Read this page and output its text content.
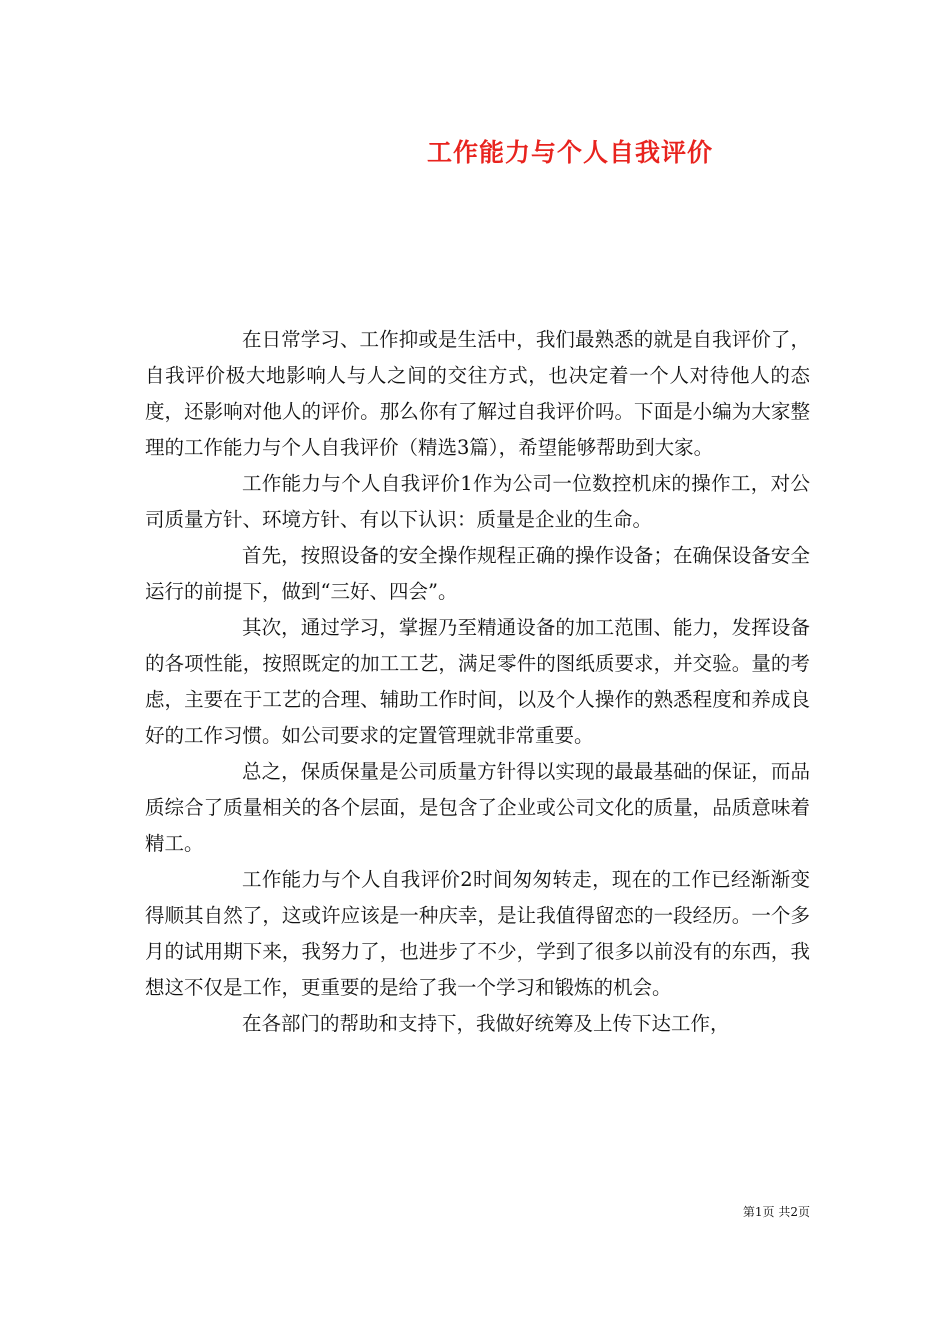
工作能力与个人自我评价

在日常学习、工作抑或是生活中，我们最熟悉的就是自我评价了，自我评价极大地影响人与人之间的交往方式，也决定着一个人对待他人的态度，还影响对他人的评价。那么你有了解过自我评价吗。下面是小编为大家整理的工作能力与个人自我评价（精选3篇），希望能够帮助到大家。

工作能力与个人自我评价1作为公司一位数控机床的操作工，对公司质量方针、环境方针、有以下认识：质量是企业的生命。

首先，按照设备的安全操作规程正确的操作设备；在确保设备安全运行的前提下，做到“三好、四会”。

其次，通过学习，掌握乃至精通设备的加工范围、能力，发挥设备的各项性能，按照既定的加工工艺，满足零件的图纸质要求，并交验。量的考虑，主要在于工艺的合理、辅助工作时间，以及个人操作的熟悉程度和养成良好的工作习惯。如公司要求的定置管理就非常重要。

总之，保质保量是公司质量方针得以实现的最最基础的保证，而品质综合了质量相关的各个层面，是包含了企业或公司文化的质量，品质意味着精工。

工作能力与个人自我评价2时间匆匆转走，现在的工作已经渐渐变得顺其自然了，这或许应该是一种庆幸，是让我值得留恋的一段经历。一个多月的试用期下来，我努力了，也进步了不少，学到了很多以前没有的东西，我想这不仅是工作，更重要的是给了我一个学习和锻炼的机会。

在各部门的帮助和支持下，我做好统筹及上传下达工作，

第1页 共2页
